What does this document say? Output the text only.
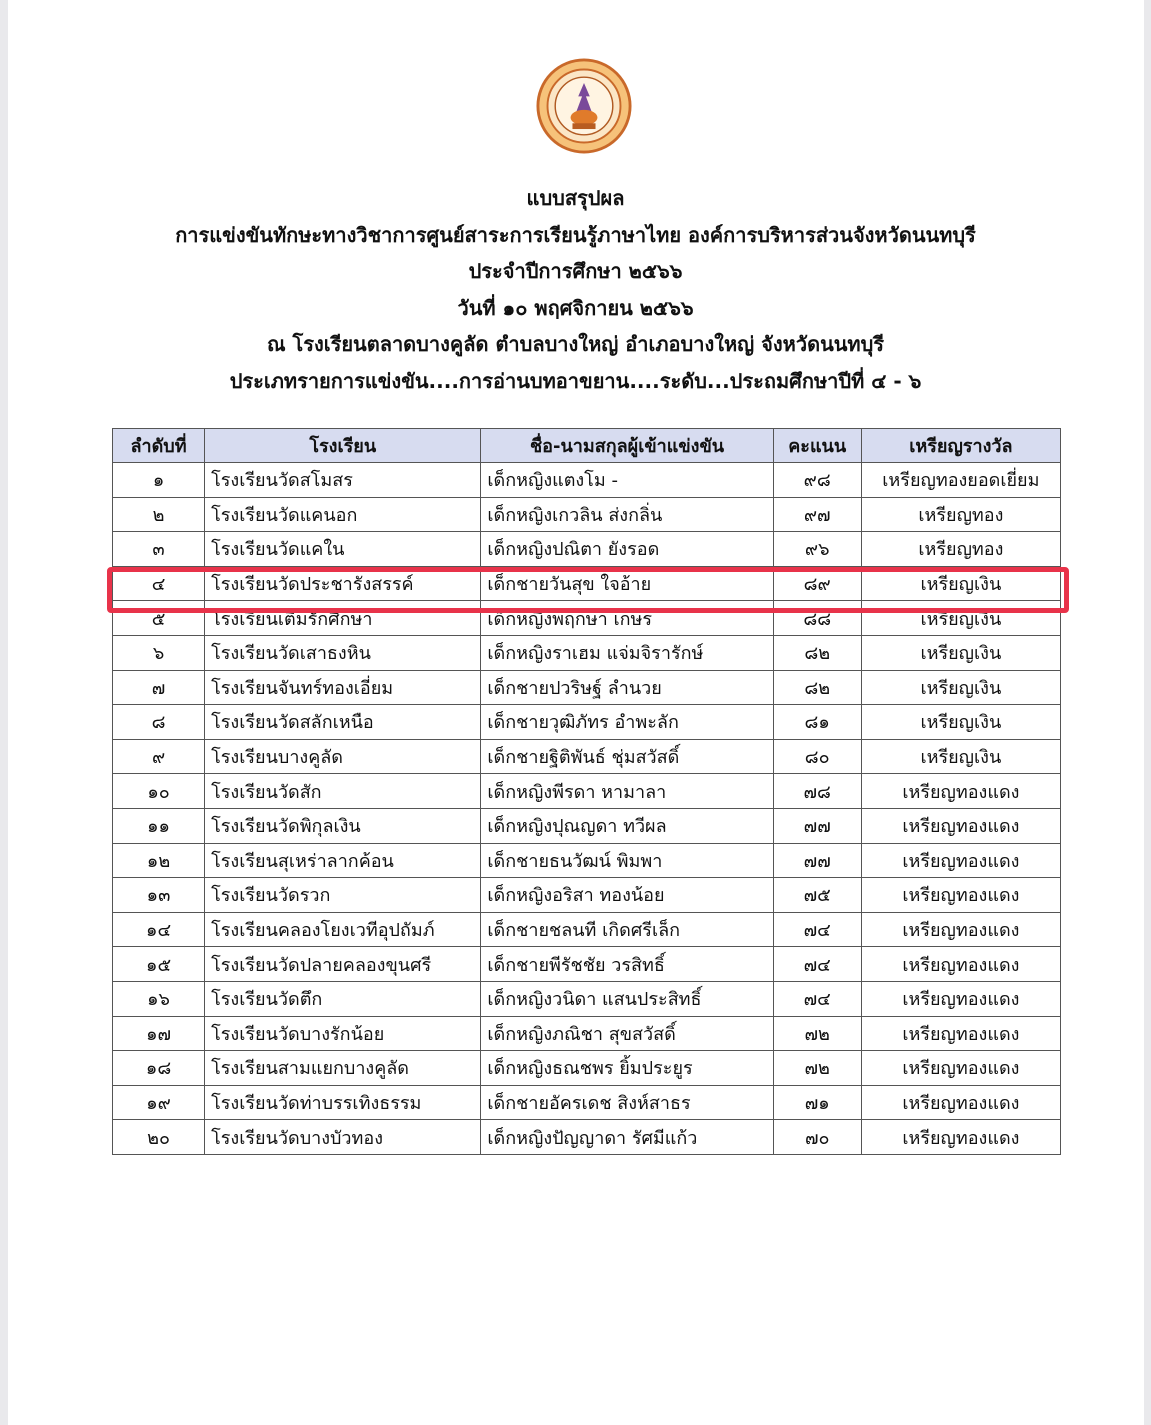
แบบสรุปผล
การแข่งขันทักษะทางวิชาการศูนย์สาระการเรียนรู้ภาษาไทย องค์การบริหารส่วนจังหวัดนนทบุรี
ประจำปีการศึกษา ๒๕๖๖
วันที่ ๑๐ พฤศจิกายน ๒๕๖๖
ณ โรงเรียนตลาดบางคูลัด ตำบลบางใหญ่ อำเภอบางใหญ่ จังหวัดนนทบุรี
ประเภทรายการแข่งขัน....การอ่านบทอาขยาน....ระดับ...ประถมศึกษาปีที่ ๔ - ๖
ลำดับที่	โรงเรียน	ชื่อ-นามสกุลผู้เข้าแข่งขัน	คะแนน	เหรียญรางวัล
๑	โรงเรียนวัดสโมสร	เด็กหญิงแตงโม -	๙๘	เหรียญทองยอดเยี่ยม
๒	โรงเรียนวัดแคนอก	เด็กหญิงเกวลิน ส่งกลิ่น	๙๗	เหรียญทอง
๓	โรงเรียนวัดแคใน	เด็กหญิงปณิตา ยังรอด	๙๖	เหรียญทอง
๔	โรงเรียนวัดประชารังสรรค์	เด็กชายวันสุข ใจอ้าย	๘๙	เหรียญเงิน
๕	โรงเรียนเติมรักศึกษา	เด็กหญิงพฤกษา เกษร	๘๘	เหรียญเงิน
๖	โรงเรียนวัดเสาธงหิน	เด็กหญิงราเฮม แจ่มจิรารักษ์	๘๒	เหรียญเงิน
๗	โรงเรียนจันทร์ทองเอี่ยม	เด็กชายปวริษฐ์ ลำนวย	๘๒	เหรียญเงิน
๘	โรงเรียนวัดสลักเหนือ	เด็กชายวุฒิภัทร อำพะลัก	๘๑	เหรียญเงิน
๙	โรงเรียนบางคูลัด	เด็กชายฐิติพันธ์ ชุ่มสวัสดิ์	๘๐	เหรียญเงิน
๑๐	โรงเรียนวัดสัก	เด็กหญิงพีรดา หามาลา	๗๘	เหรียญทองแดง
๑๑	โรงเรียนวัดพิกุลเงิน	เด็กหญิงปุณญดา ทวีผล	๗๗	เหรียญทองแดง
๑๒	โรงเรียนสุเหร่าลากค้อน	เด็กชายธนวัฒน์ พิมพา	๗๗	เหรียญทองแดง
๑๓	โรงเรียนวัดรวก	เด็กหญิงอริสา ทองน้อย	๗๕	เหรียญทองแดง
๑๔	โรงเรียนคลองโยงเวทีอุปถัมภ์	เด็กชายชลนที เกิดศรีเล็ก	๗๔	เหรียญทองแดง
๑๕	โรงเรียนวัดปลายคลองขุนศรี	เด็กชายพีรัชชัย วรสิทธิ์	๗๔	เหรียญทองแดง
๑๖	โรงเรียนวัดตึก	เด็กหญิงวนิดา แสนประสิทธิ์	๗๔	เหรียญทองแดง
๑๗	โรงเรียนวัดบางรักน้อย	เด็กหญิงภณิชา สุขสวัสดิ์	๗๒	เหรียญทองแดง
๑๘	โรงเรียนสามแยกบางคูลัด	เด็กหญิงธณชพร ยิ้มประยูร	๗๒	เหรียญทองแดง
๑๙	โรงเรียนวัดท่าบรรเทิงธรรม	เด็กชายอัครเดช สิงห์สาธร	๗๑	เหรียญทองแดง
๒๐	โรงเรียนวัดบางบัวทอง	เด็กหญิงปัญญาดา รัศมีแก้ว	๗๐	เหรียญทองแดง
